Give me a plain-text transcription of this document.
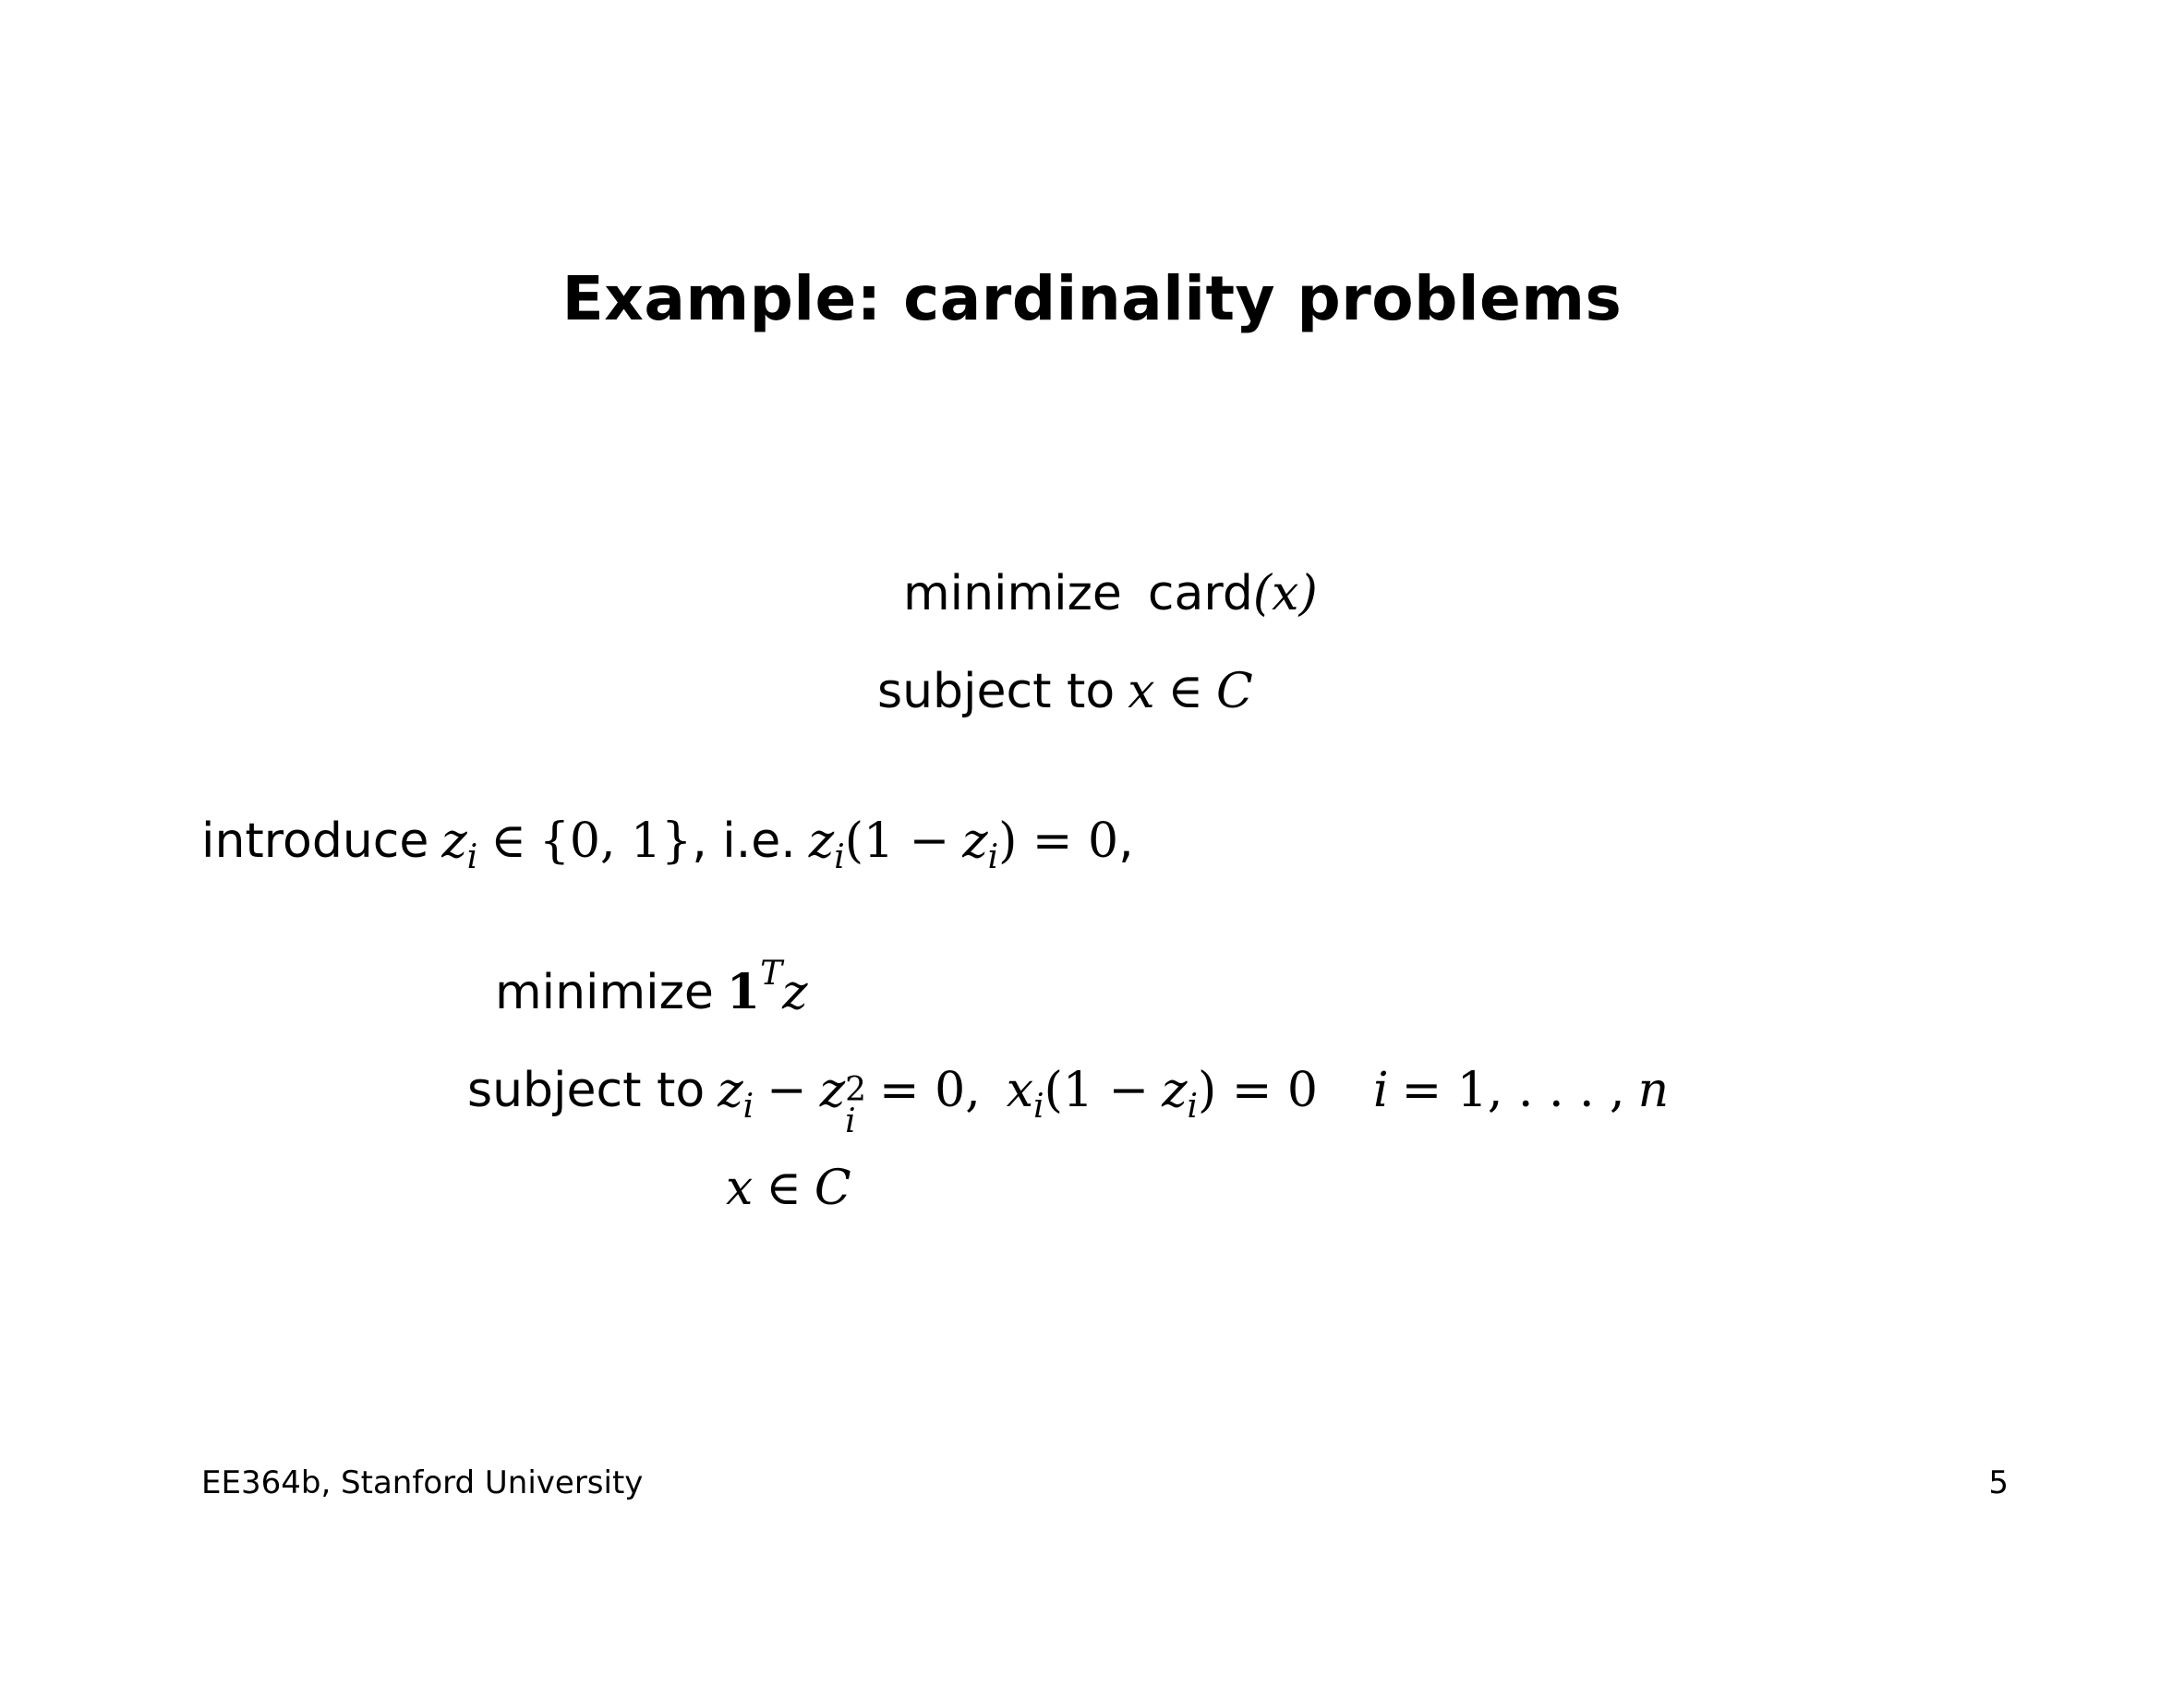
Example: cardinality problems
minimize card (x)
subject to x ∈ C
introduce z i ∈ {0, 1} , i.e. z i (1 − z i ) = 0 ,
minimize 1 T z
subject to z i − z 2
i
= 0, x i (1 − z i ) = 0 i = 1, . . . , n
x ∈ C
EE364b, Stanford University	5
